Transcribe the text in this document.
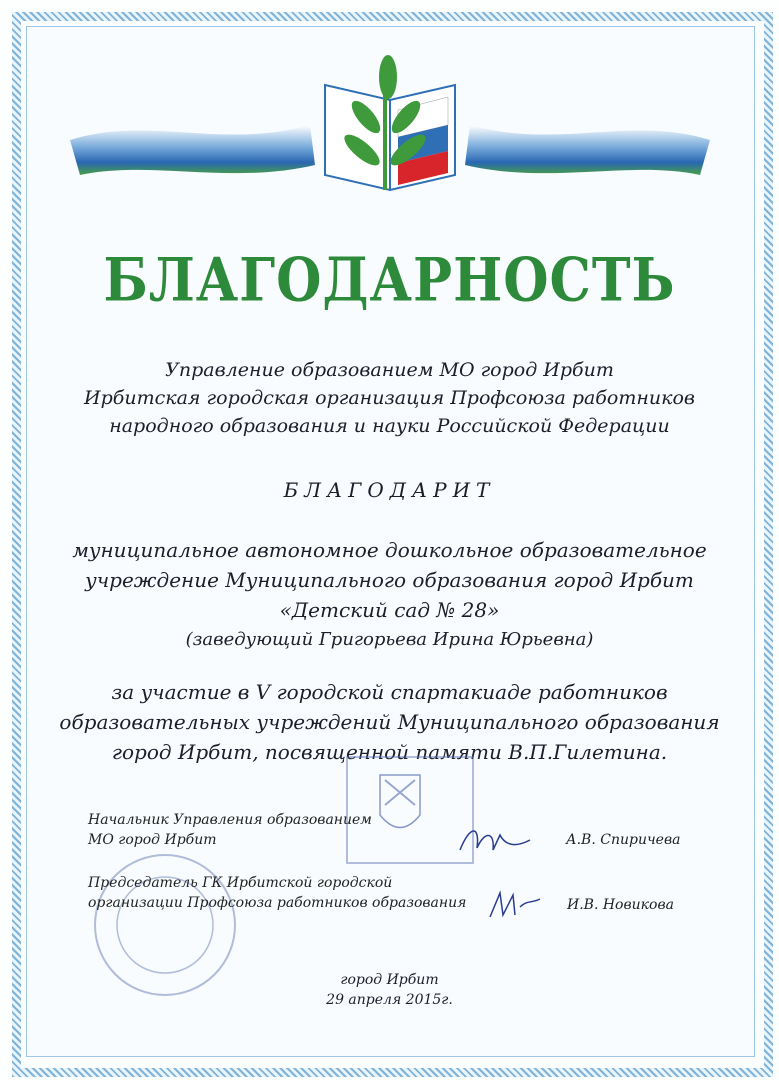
БЛАГОДАРНОСТЬ
Управление образованием МО город Ирбит
Ирбитская городская организация Профсоюза работников
народного образования и науки Российской Федерации
БЛАГОДАРИТ
муниципальное автономное дошкольное образовательное
учреждение Муниципального образования город Ирбит
«Детский сад № 28»
(заведующий Григорьева Ирина Юрьевна)
за участие в V городской спартакиаде работников
образовательных учреждений Муниципального образования
город Ирбит, посвященной памяти В.П.Гилетина.
Начальник Управления образованием
МО город Ирбит	А.В. Спиричева
Председатель ГК Ирбитской городской
организации Профсоюза работников образования	И.В. Новикова
город Ирбит
29 апреля 2015г.
